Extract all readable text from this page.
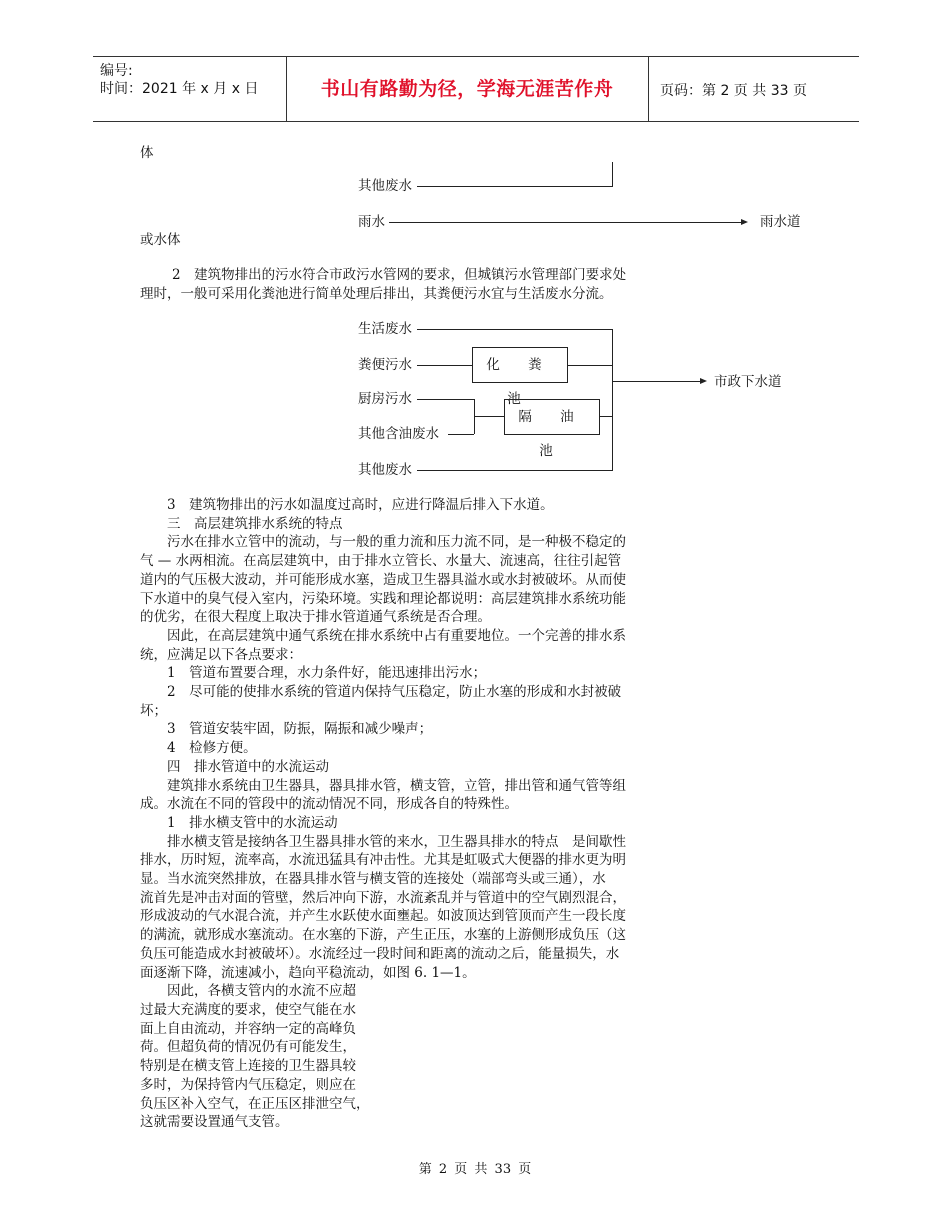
编号:
时间：2021 年 x 月 x 日	书山有路勤为径，学海无涯苦作舟	页码：第 2 页 共 33 页
体
其他废水
雨水	雨水道
或水体
2　建筑物排出的污水符合市政污水管网的要求，但城镇污水管理部门要求处
理时，一般可采用化粪池进行简单处理后排出，其粪便污水宜与生活废水分流。
生活废水
粪便污水	化 粪 池
厨房污水
隔 油 池
其他含油废水
其他废水
市政下水道
　　3　建筑物排出的污水如温度过高时，应进行降温后排入下水道。
　　三　高层建筑排水系统的特点
　　污水在排水立管中的流动，与一般的重力流和压力流不同，是一种极不稳定的
气 — 水两相流。在高层建筑中，由于排水立管长、水量大、流速高，往往引起管
道内的气压极大波动，并可能形成水塞，造成卫生器具溢水或水封被破坏。从而使
下水道中的臭气侵入室内，污染环境。实践和理论都说明：高层建筑排水系统功能
的优劣，在很大程度上取决于排水管道通气系统是否合理。
　　因此，在高层建筑中通气系统在排水系统中占有重要地位。一个完善的排水系
统，应满足以下各点要求：
　　1　管道布置要合理，水力条件好，能迅速排出污水；
　　2　尽可能的使排水系统的管道内保持气压稳定，防止水塞的形成和水封被破
坏；
　　3　管道安装牢固，防振，隔振和减少噪声；
　　4　检修方便。
　　四　排水管道中的水流运动
　　建筑排水系统由卫生器具，器具排水管，横支管，立管，排出管和通气管等组
成。水流在不同的管段中的流动情况不同，形成各自的特殊性。
　　1　排水横支管中的水流运动
　　排水横支管是接纳各卫生器具排水管的来水，卫生器具排水的特点　是间歇性
排水，历时短，流率高，水流迅猛具有冲击性。尤其是虹吸式大便器的排水更为明
显。当水流突然排放，在器具排水管与横支管的连接处（端部弯头或三通），水
流首先是冲击对面的管壁，然后冲向下游，水流紊乱并与管道中的空气剧烈混合，
形成波动的气水混合流，并产生水跃使水面壅起。如波顶达到管顶而产生一段长度
的满流，就形成水塞流动。在水塞的下游，产生正压，水塞的上游侧形成负压（这
负压可能造成水封被破坏）。水流经过一段时间和距离的流动之后，能量损失，水
面逐渐下降，流速减小，趋向平稳流动，如图 6. 1—1。
　　因此，各横支管内的水流不应超
过最大充满度的要求，使空气能在水
面上自由流动，并容纳一定的高峰负
荷。但超负荷的情况仍有可能发生，
特别是在横支管上连接的卫生器具较
多时，为保持管内气压稳定，则应在
负压区补入空气，在正压区排泄空气，
这就需要设置通气支管。
第 2 页 共 33 页
